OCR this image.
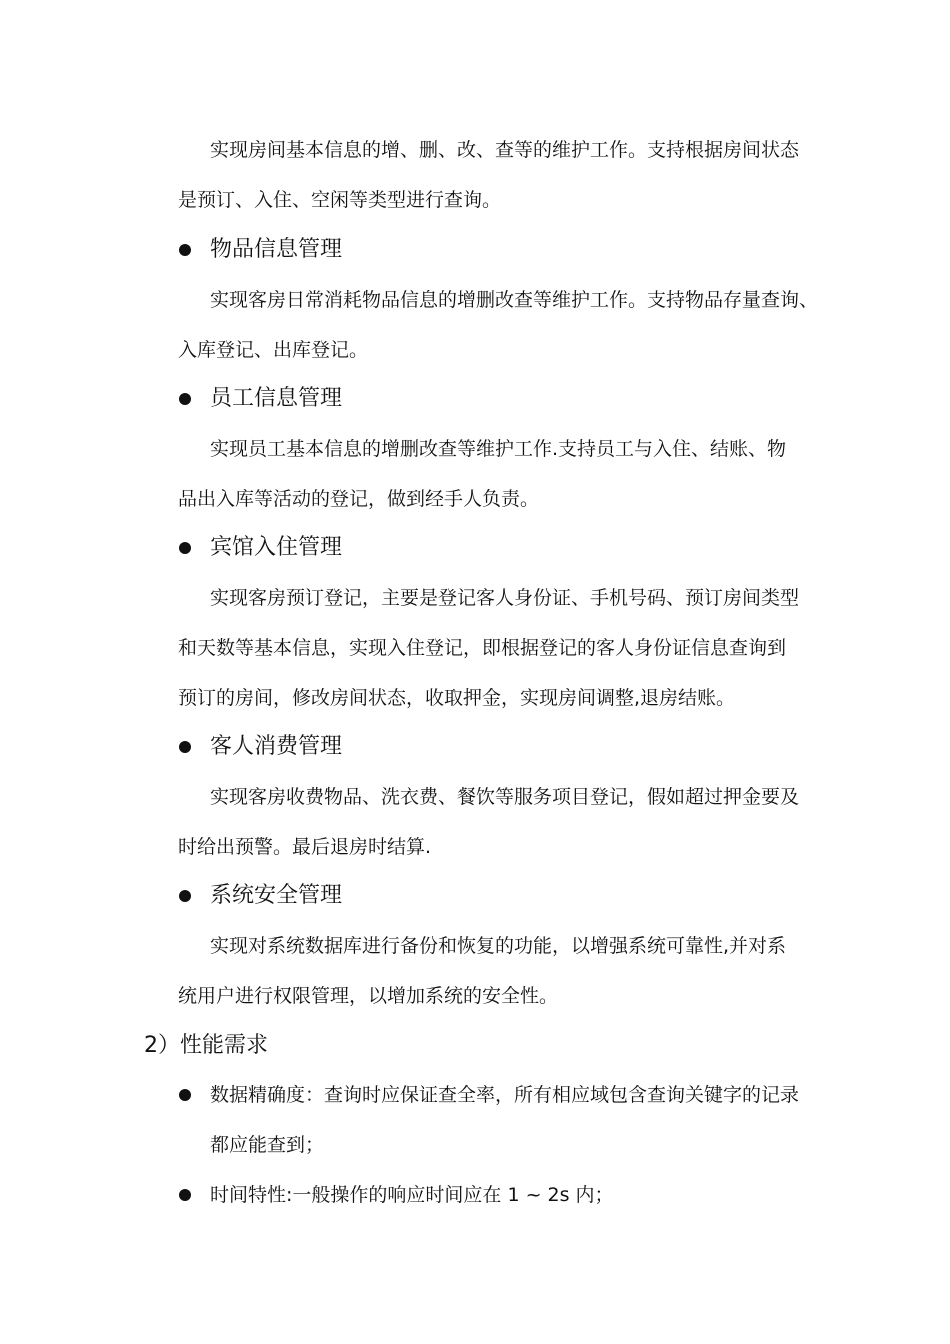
实现房间基本信息的增、删、改、查等的维护工作。支持根据房间状态
是预订、入住、空闲等类型进行查询。
物品信息管理
实现客房日常消耗物品信息的增删改查等维护工作。支持物品存量查询、
入库登记、出库登记。
员工信息管理
实现员工基本信息的增删改查等维护工作.支持员工与入住、结账、物
品出入库等活动的登记，做到经手人负责。
宾馆入住管理
实现客房预订登记，主要是登记客人身份证、手机号码、预订房间类型
和天数等基本信息，实现入住登记，即根据登记的客人身份证信息查询到
预订的房间，修改房间状态，收取押金，实现房间调整,退房结账。
客人消费管理
实现客房收费物品、洗衣费、餐饮等服务项目登记，假如超过押金要及
时给出预警。最后退房时结算.
系统安全管理
实现对系统数据库进行备份和恢复的功能，以增强系统可靠性,并对系
统用户进行权限管理，以增加系统的安全性。
2）性能需求
数据精确度：查询时应保证查全率，所有相应域包含查询关键字的记录
都应能查到；
时间特性:一般操作的响应时间应在 1 ~ 2s 内；
